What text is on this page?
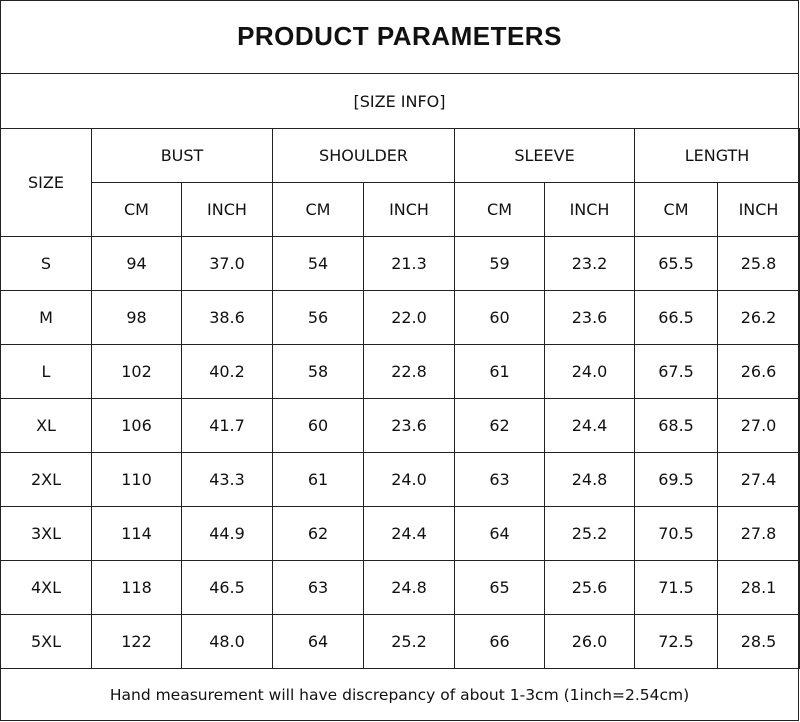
PRODUCT PARAMETERS
[SIZE INFO]
SIZE	BUST		SHOULDER		SLEEVE		LENGTH	
	CM	INCH	CM	INCH	CM	INCH	CM	INCH
S	94	37.0	54	21.3	59	23.2	65.5	25.8
M	98	38.6	56	22.0	60	23.6	66.5	26.2
L	102	40.2	58	22.8	61	24.0	67.5	26.6
XL	106	41.7	60	23.6	62	24.4	68.5	27.0
2XL	110	43.3	61	24.0	63	24.8	69.5	27.4
3XL	114	44.9	62	24.4	64	25.2	70.5	27.8
4XL	118	46.5	63	24.8	65	25.6	71.5	28.1
5XL	122	48.0	64	25.2	66	26.0	72.5	28.5
Hand measurement will have discrepancy of about 1-3cm (1inch=2.54cm)
